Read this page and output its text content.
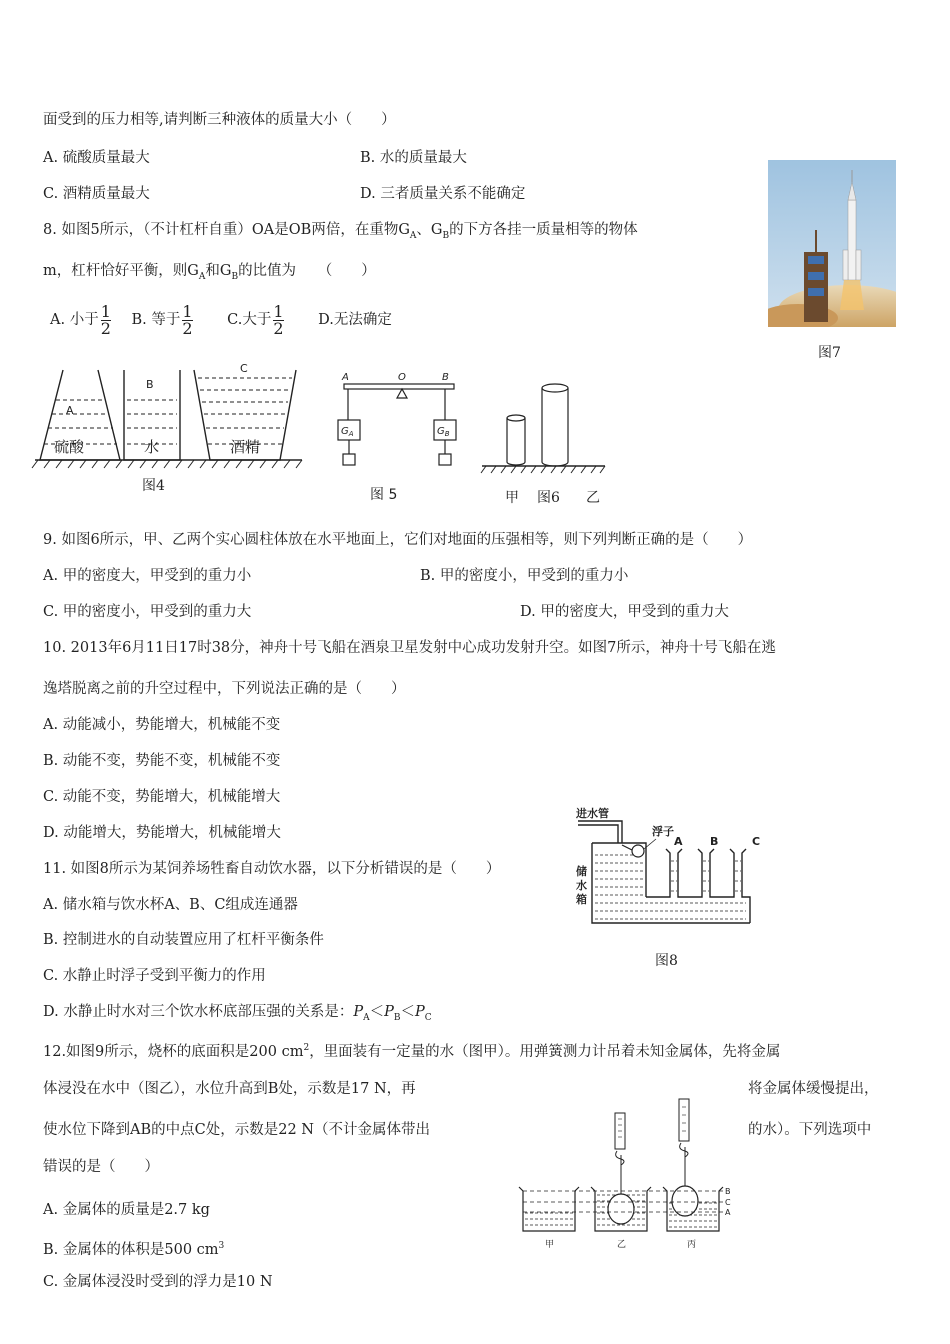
面受到的压力相等,请判断三种液体的质量大小（　　）
A. 硫酸质量最大	B. 水的质量最大
C. 酒精质量最大	D. 三者质量关系不能确定
8. 如图5所示，（不计杠杆自重）OA是OB两倍，在重物$G_A$、$G_B$的下方各挂一质量相等的物体
m，杠杆恰好平衡，则$G_A$和$G_B$的比值为　　（　　）
A. 小于 $\frac{1}{2} B$. 等于 $\frac{1}{2} C$.大于 $\frac{1}{2} D$.无法确定
图7
A
B
C
硫酸	水	酒精
图4
A	O	B
$G_A$	$G_B$
图 5	甲 图6 乙
9. 如图6所示，甲、乙两个实心圆柱体放在水平地面上，它们对地面的压强相等，则下列判断正确的是（　　）
A. 甲的密度大，甲受到的重力小	B. 甲的密度小，甲受到的重力小
C. 甲的密度小，甲受到的重力大	D. 甲的密度大，甲受到的重力大
10. 2013年6月11日17时38分，神舟十号飞船在酒泉卫星发射中心成功发射升空。如图7所示，神舟十号飞船在逃
逸塔脱离之前的升空过程中，下列说法正确的是（　　）
A. 动能减小，势能增大，机械能不变
B. 动能不变，势能不变，机械能不变
C. 动能不变，势能增大，机械能增大
D. 动能增大，势能增大，机械能增大
进水管
浮子
储
水
箱
A B	C
图8
11. 如图8所示为某饲养场牲畜自动饮水器，以下分析错误的是（　　）
A. 储水箱与饮水杯A、B、C组成连通器
B. 控制进水的自动装置应用了杠杆平衡条件
C. 水静止时浮子受到平衡力的作用
D. 水静止时水对三个饮水杯底部压强的关系是：$P_A<P_B<P_C$
12.如图9所示，烧杯的底面积是200 $cm^2$，里面装有一定量的水（图甲）。用弹簧测力计吊着未知金属体，先将金属
体浸没在水中（图乙），水位升高到B处，示数是17 N，再	将金属体缓慢提出，
使水位下降到AB的中点C处，示数是22 N（不计金属体带出	的水）。下列选项中
错误的是（　　）
A. 金属体的质量是2.7 kg
B. 金属体的体积是500 $cm^3$
C. 金属体浸没时受到的浮力是10 N
B
C
A
甲	乙	丙
